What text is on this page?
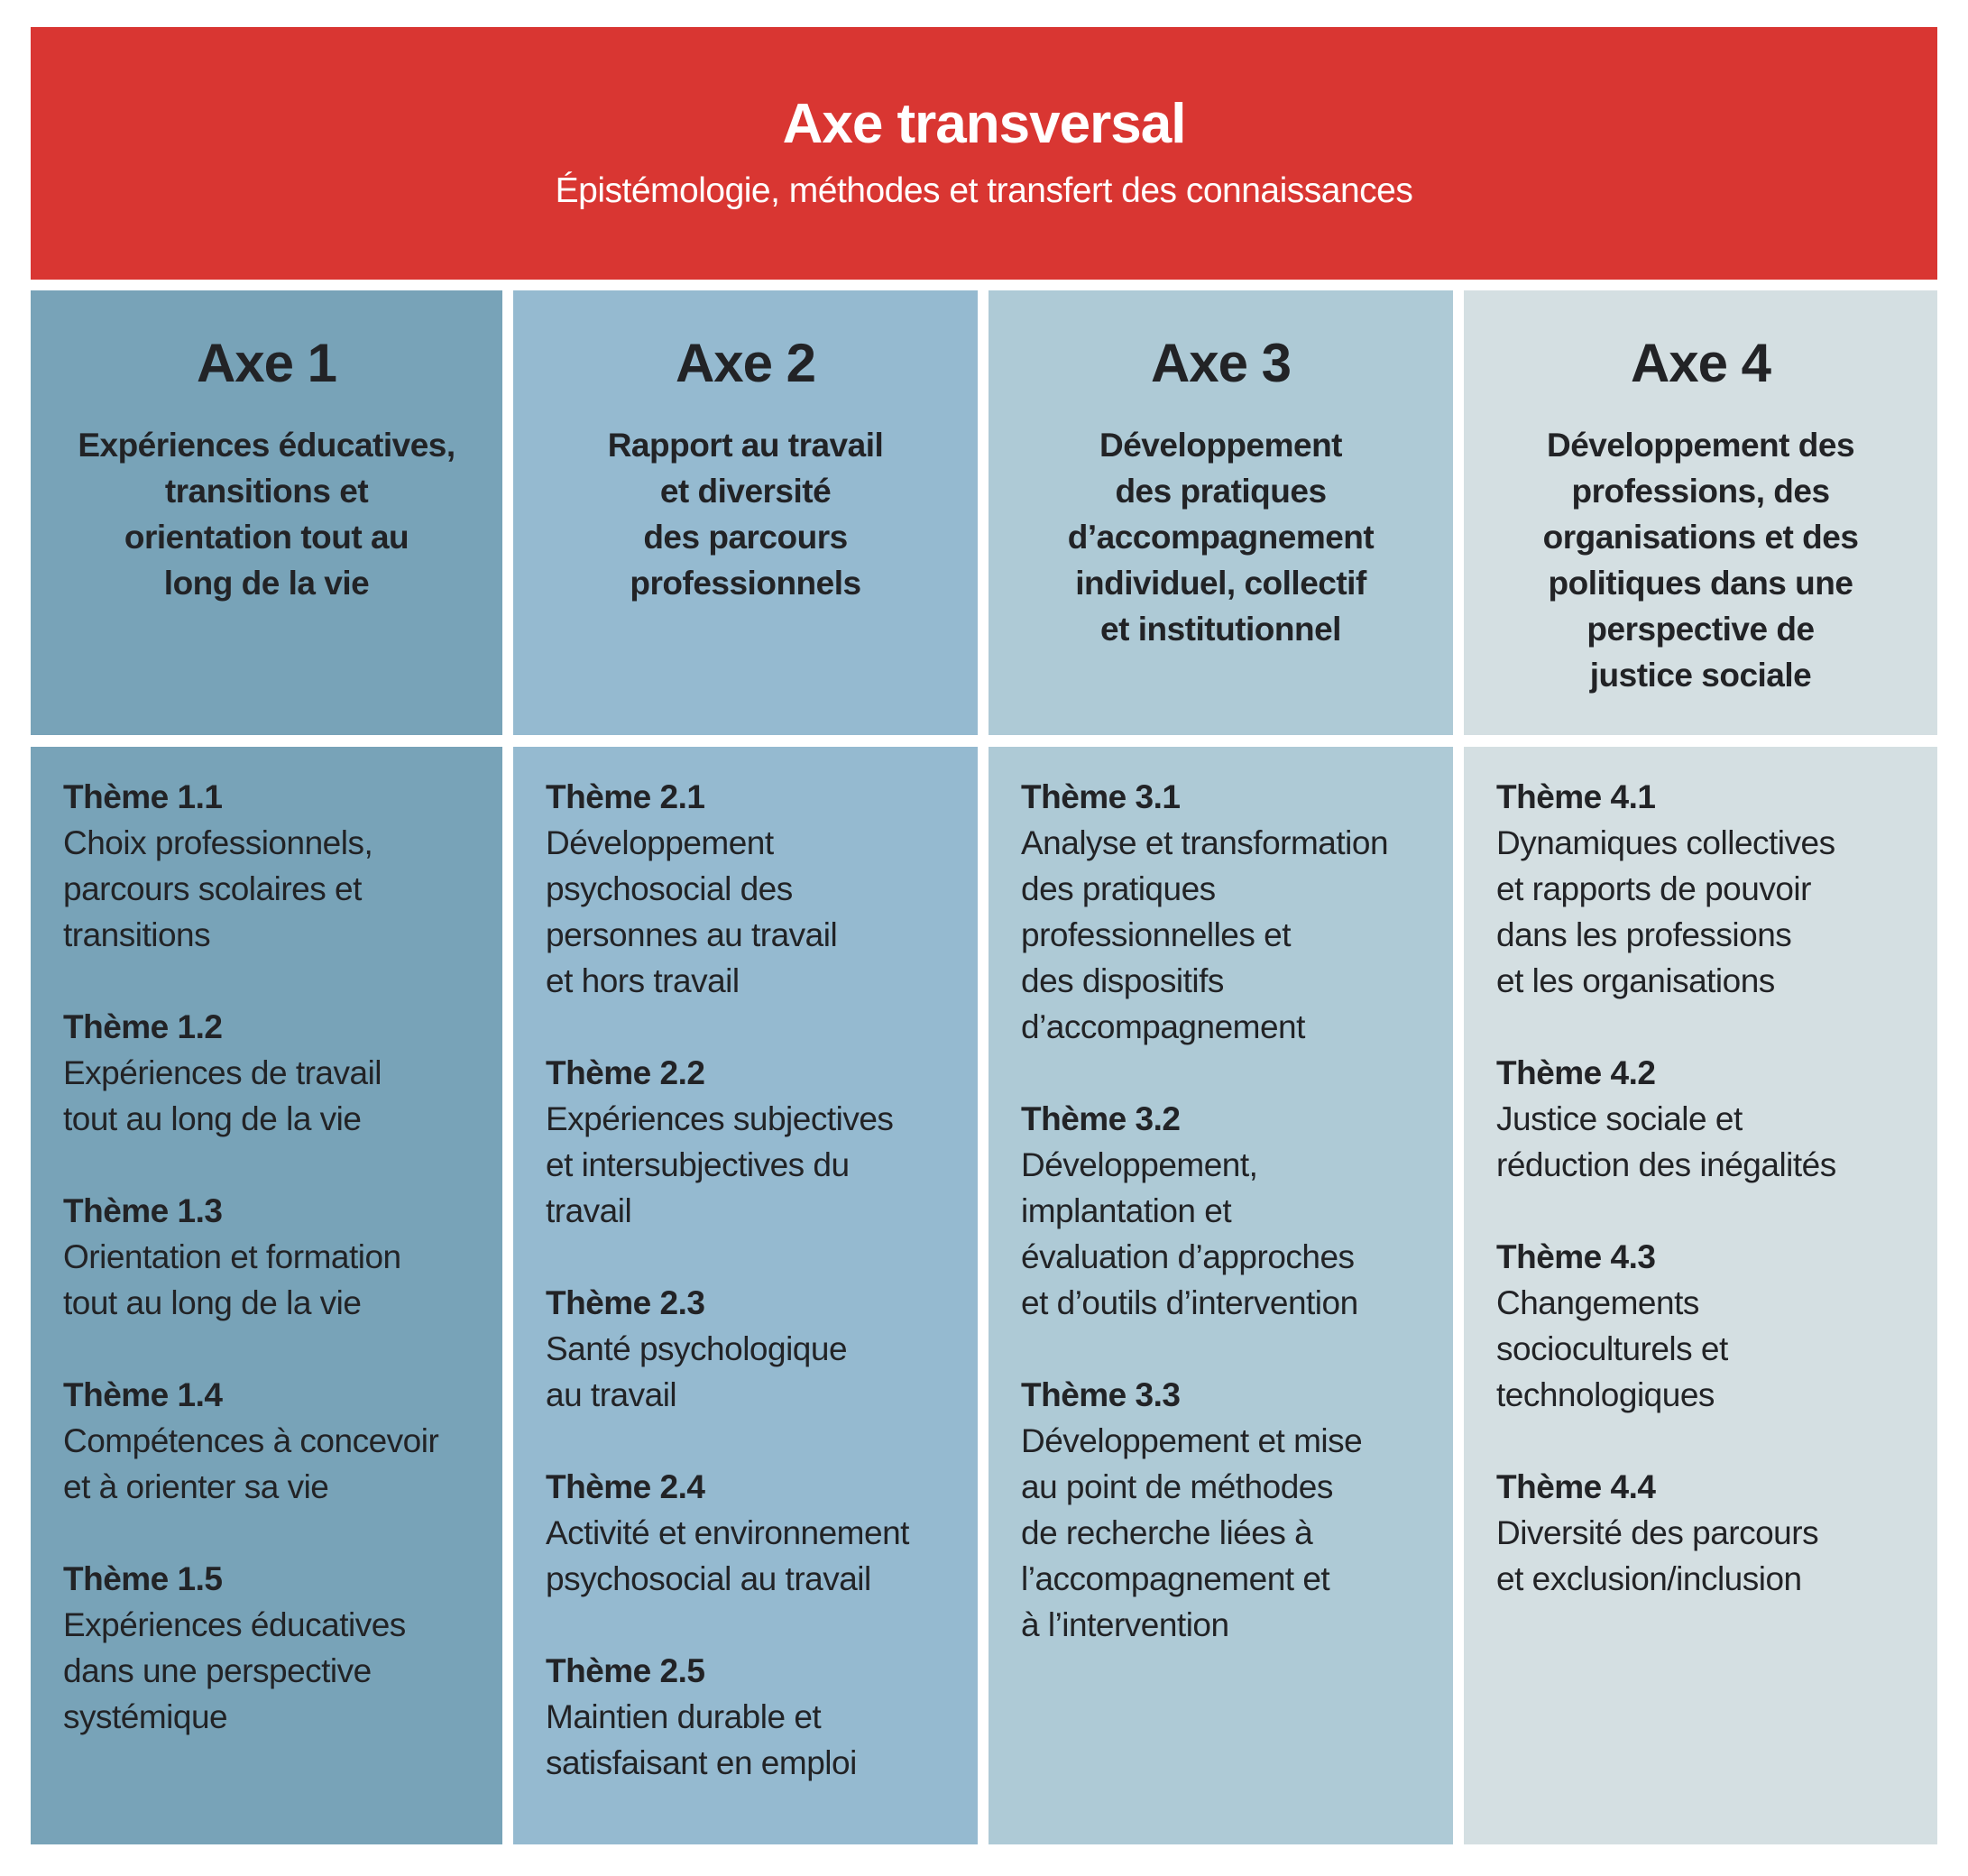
Axe transversal
Épistémologie, méthodes et transfert des connaissances
Axe 1
Expériences éducatives,
transitions et
orientation tout au
long de la vie
Thème 1.1
Choix professionnels,
parcours scolaires et
transitions
Thème 1.2
Expériences de travail
tout au long de la vie
Thème 1.3
Orientation et formation
tout au long de la vie
Thème 1.4
Compétences à concevoir
et à orienter sa vie
Thème 1.5
Expériences éducatives
dans une perspective
systémique
Axe 2
Rapport au travail
et diversité
des parcours
professionnels
Thème 2.1
Développement
psychosocial des
personnes au travail
et hors travail
Thème 2.2
Expériences subjectives
et intersubjectives du
travail
Thème 2.3
Santé psychologique
au travail
Thème 2.4
Activité et environnement
psychosocial au travail
Thème 2.5
Maintien durable et
satisfaisant en emploi
Axe 3
Développement
des pratiques
d’accompagnement
individuel, collectif
et institutionnel
Thème 3.1
Analyse et transformation
des pratiques
professionnelles et
des dispositifs
d’accompagnement
Thème 3.2
Développement,
implantation et
évaluation d’approches
et d’outils d’intervention
Thème 3.3
Développement et mise
au point de méthodes
de recherche liées à
l’accompagnement et
à l’intervention
Axe 4
Développement des
professions, des
organisations et des
politiques dans une
perspective de
justice sociale
Thème 4.1
Dynamiques collectives
et rapports de pouvoir
dans les professions
et les organisations
Thème 4.2
Justice sociale et
réduction des inégalités
Thème 4.3
Changements
socioculturels et
technologiques
Thème 4.4
Diversité des parcours
et exclusion/inclusion
